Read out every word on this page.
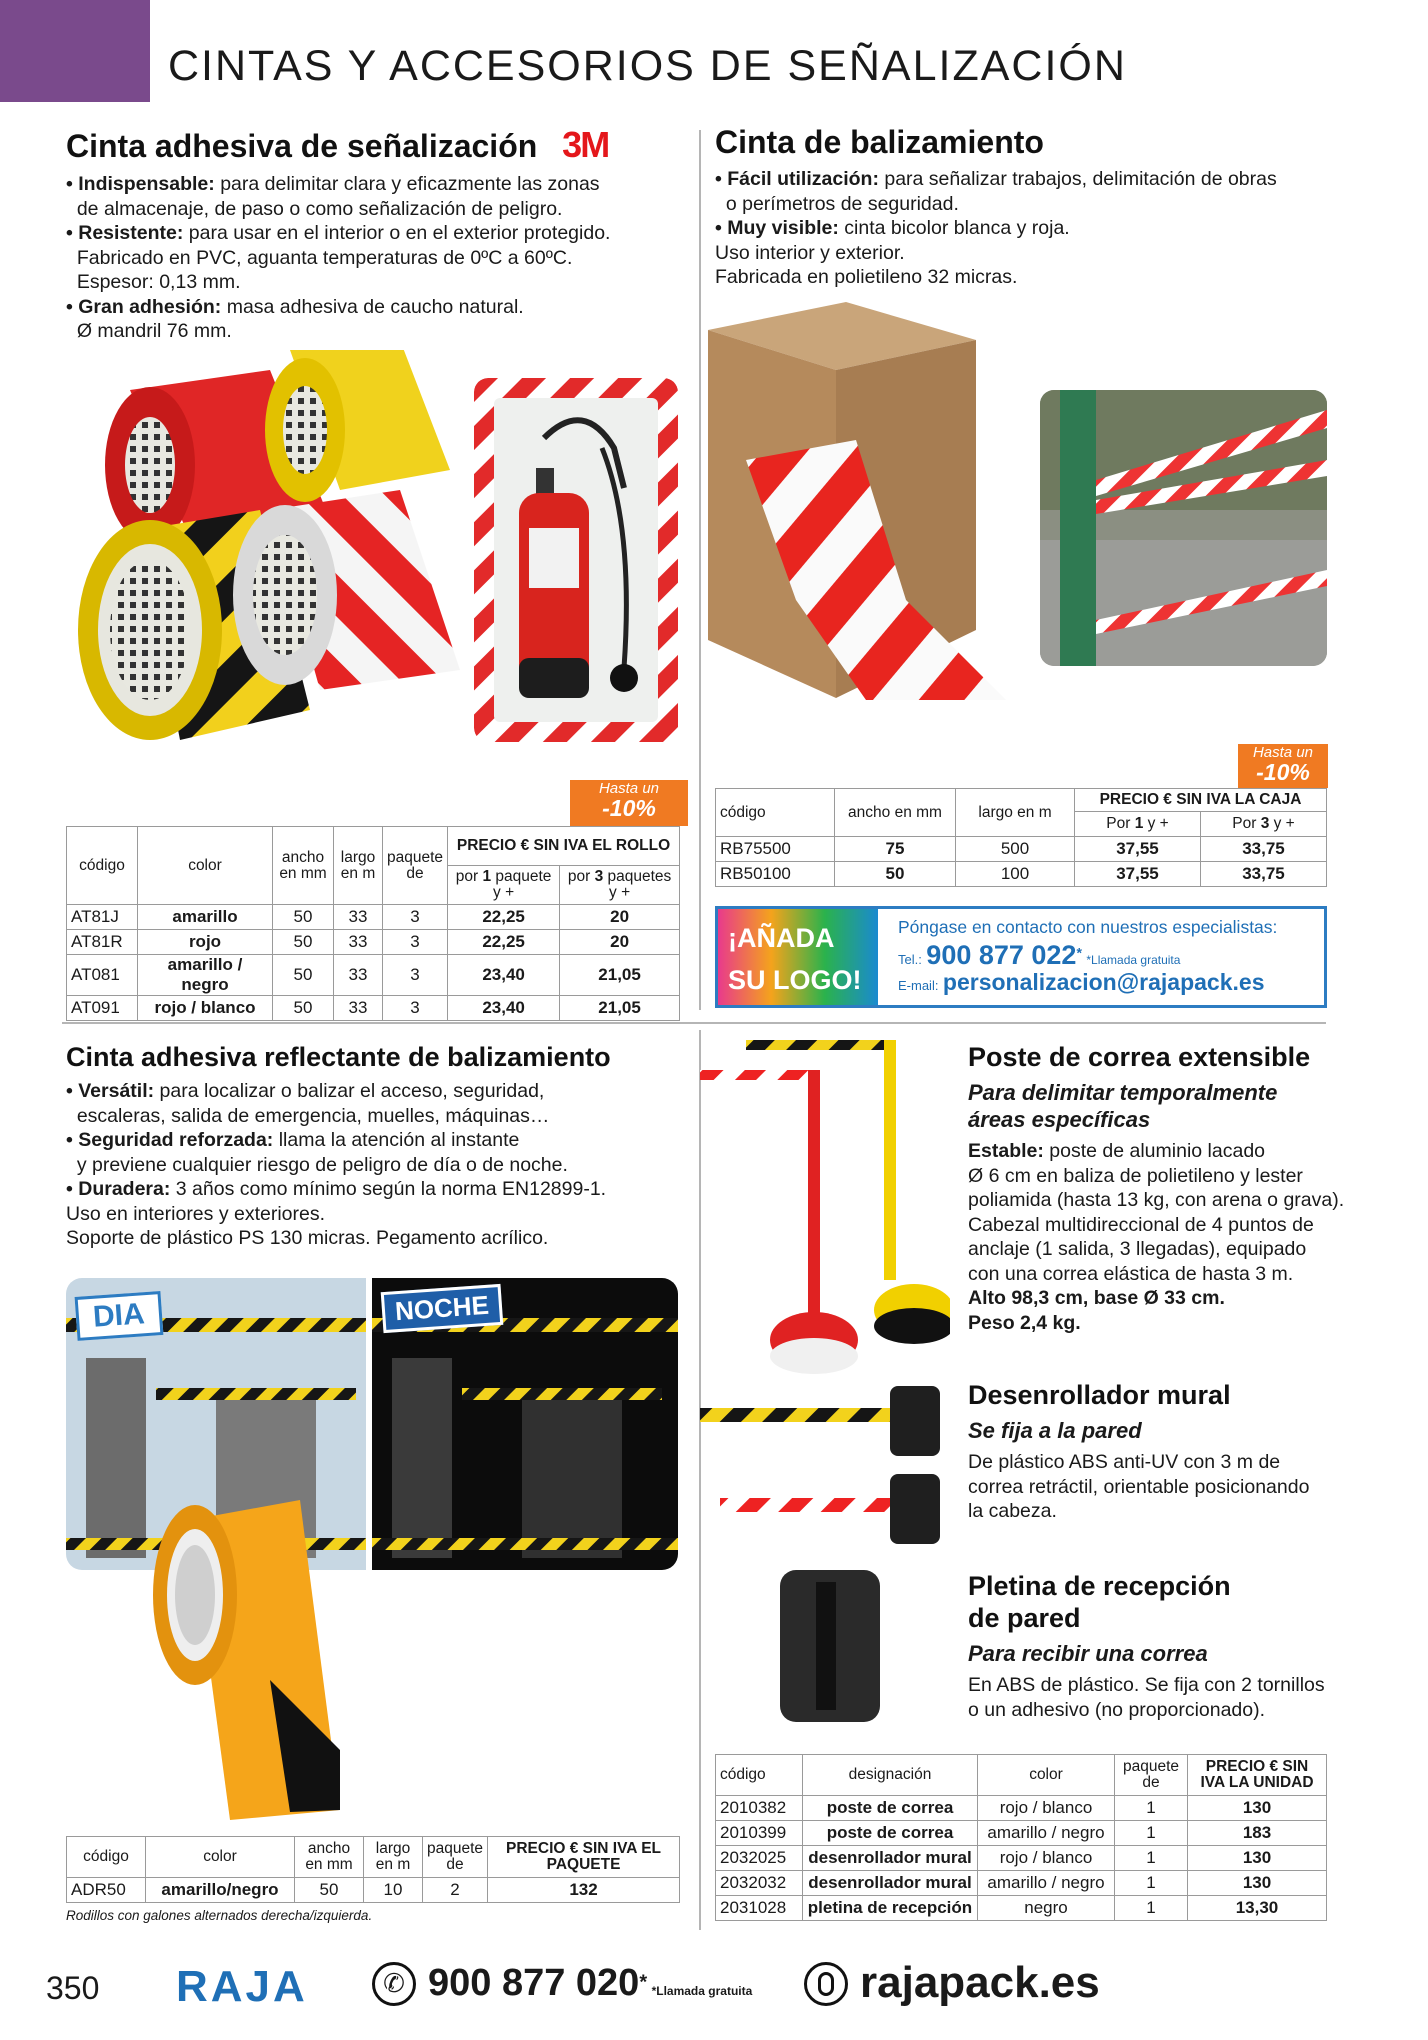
CINTAS Y ACCESORIOS DE SEÑALIZACIÓN
Cinta adhesiva de señalización 3M

• Indispensable: para delimitar clara y eficazmente las zonas

de almacenaje, de paso o como señalización de peligro.

• Resistente: para usar en el interior o en el exterior protegido.

Fabricado en PVC, aguanta temperaturas de 0ºC a 60ºC.

Espesor: 0,13 mm.

• Gran adhesión: masa adhesiva de caucho natural.

Ø mandril 76 mm.

Hasta un
-10%
código	color	ancho en mm	largo en m	paquete de	PRECIO € SIN IVA EL ROLLO	
					por 1 paquete y +	por 3 paquetes y +
AT81J	amarillo	50	33	3	22,25	20
AT81R	rojo	50	33	3	22,25	20
AT081	amarillo / negro	50	33	3	23,40	21,05
AT091	rojo / blanco	50	33	3	23,40	21,05
Cinta de balizamiento

• Fácil utilización: para señalizar trabajos, delimitación de obras

o perímetros de seguridad.

• Muy visible: cinta bicolor blanca y roja.

Uso interior y exterior.

Fabricada en polietileno 32 micras.

Hasta un
-10%
código	ancho en mm	largo en m	PRECIO € SIN IVA LA CAJA	
			Por 1 y +	Por 3 y +
RB75500	75	500	37,55	33,75
RB50100	50	100	37,55	33,75
¡AÑADA
SU LOGO!
Póngase en contacto con nuestros especialistas:
Tel.: 900 877 022* *Llamada gratuita
E-mail: personalizacion@rajapack.es
Cinta adhesiva reflectante de balizamiento

• Versátil: para localizar o balizar el acceso, seguridad,

escaleras, salida de emergencia, muelles, máquinas…

• Seguridad reforzada: llama la atención al instante

y previene cualquier riesgo de peligro de día o de noche.

• Duradera: 3 años como mínimo según la norma EN12899-1.

Uso en interiores y exteriores.

Soporte de plástico PS 130 micras. Pegamento acrílico.

DIA	NOCHE
código	color	ancho en mm	largo en m	paquete de	PRECIO € SIN IVA EL PAQUETE
ADR50	amarillo/negro	50	10	2	132
Rodillos con galones alternados derecha/izquierda.
Poste de correa extensible
Para delimitar temporalmente áreas específicas

Estable: poste de aluminio lacado

Ø 6 cm en baliza de polietileno y lester

poliamida (hasta 13 kg, con arena o grava).

Cabezal multidireccional de 4 puntos de

anclaje (1 salida, 3 llegadas), equipado

con una correa elástica de hasta 3 m.

Alto 98,3 cm, base Ø 33 cm.

Peso 2,4 kg.

Desenrollador mural
Se fija a la pared

De plástico ABS anti-UV con 3 m de

correa retráctil, orientable posicionando

la cabeza.

Pletina de recepción
de pared
Para recibir una correa

En ABS de plástico. Se fija con 2 tornillos

o un adhesivo (no proporcionado).

código	designación	color	paquete de	PRECIO € SIN IVA LA UNIDAD
2010382	poste de correa	rojo / blanco	1	130
2010399	poste de correa	amarillo / negro	1	183
2032025	desenrollador mural	rojo / blanco	1	130
2032032	desenrollador mural	amarillo / negro	1	130
2031028	pletina de recepción	negro	1	13,30
350 RAJA	✆ 900 877 020* *Llamada gratuita rajapack.es
